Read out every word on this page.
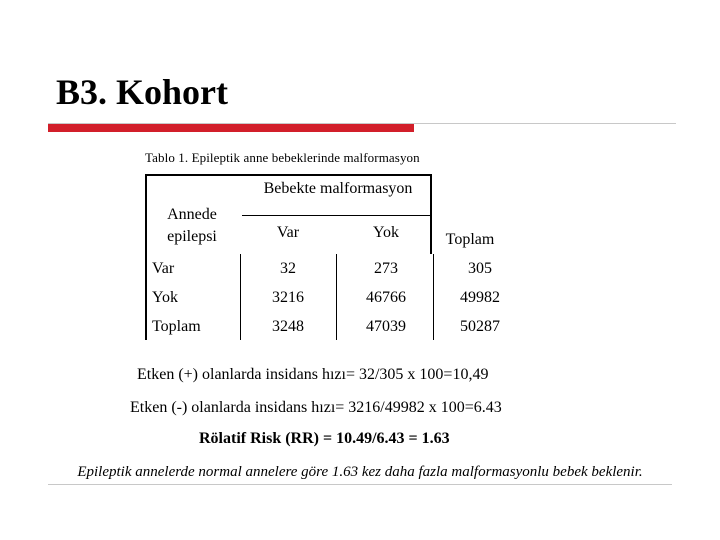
B3. Kohort
Tablo 1. Epileptik anne bebeklerinde malformasyon
Bebekte malformasyon
Annede
epilepsi	Var	Yok	Toplam
Var	32	273	305
Yok	3216	46766	49982
Toplam	3248	47039	50287
Etken (+) olanlarda insidans hızı= 32/305 x 100=10,49
Etken (-) olanlarda insidans hızı= 3216/49982 x 100=6.43
Rölatif Risk (RR) = 10.49/6.43 = 1.63
Epileptik annelerde normal annelere göre 1.63 kez daha fazla malformasyonlu bebek beklenir.
